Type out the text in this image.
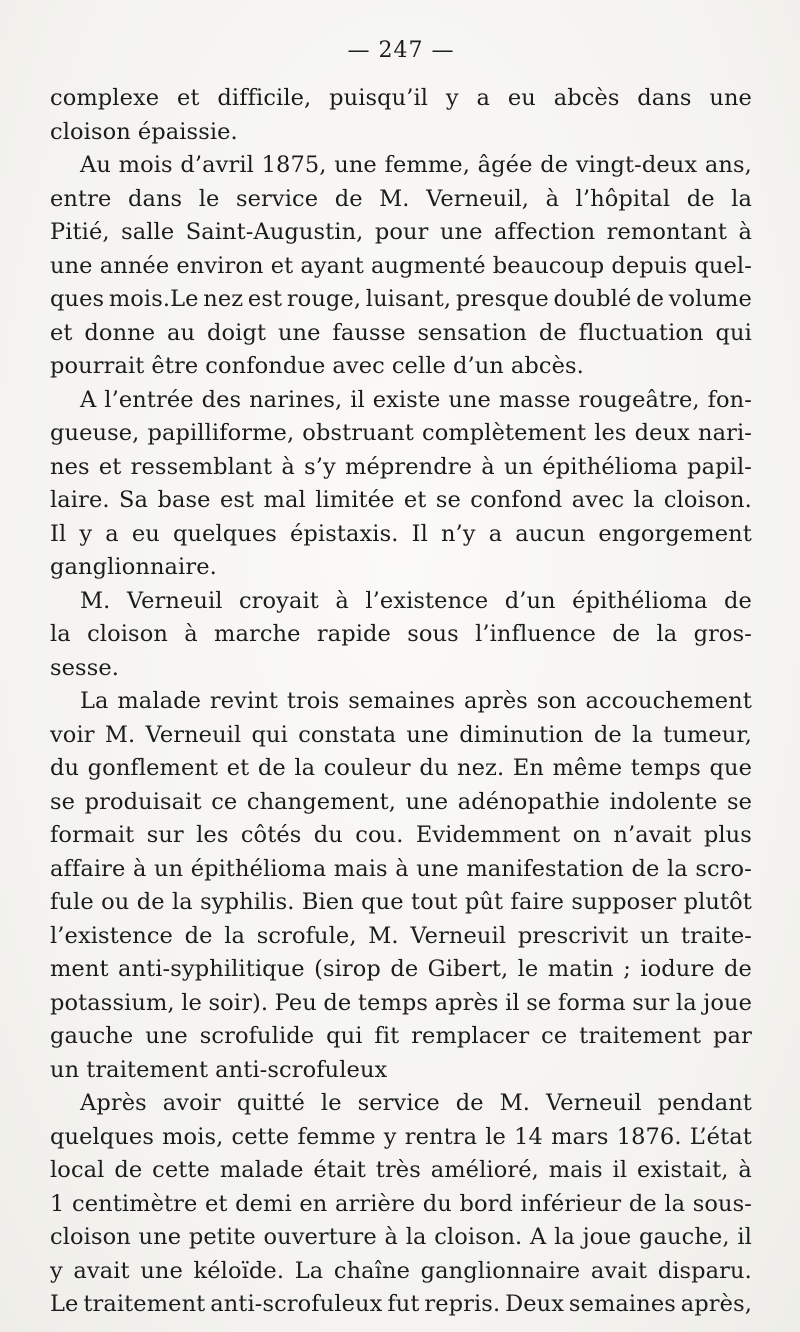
— 247 —
complexe et difficile, puisqu’il y a eu abcès dans une
cloison épaissie.
Au mois d’avril 1875, une femme, âgée de vingt-deux ans,
entre dans le service de M. Verneuil, à l’hôpital de la
Pitié, salle Saint-Augustin, pour une affection remontant à
une année environ et ayant augmenté beaucoup depuis quel-
ques mois.Le nez est rouge, luisant, presque doublé de volume
et donne au doigt une fausse sensation de fluctuation qui
pourrait être confondue avec celle d’un abcès.
A l’entrée des narines, il existe une masse rougeâtre, fon-
gueuse, papilliforme, obstruant complètement les deux nari-
nes et ressemblant à s’y méprendre à un épithélioma papil-
laire. Sa base est mal limitée et se confond avec la cloison.
Il y a eu quelques épistaxis. Il n’y a aucun engorgement
ganglionnaire.
M. Verneuil croyait à l’existence d’un épithélioma de
la cloison à marche rapide sous l’influence de la gros-
sesse.
La malade revint trois semaines après son accouchement
voir M. Verneuil qui constata une diminution de la tumeur,
du gonflement et de la couleur du nez. En même temps que
se produisait ce changement, une adénopathie indolente se
formait sur les côtés du cou. Evidemment on n’avait plus
affaire à un épithélioma mais à une manifestation de la scro-
fule ou de la syphilis. Bien que tout pût faire supposer plutôt
l’existence de la scrofule, M. Verneuil prescrivit un traite-
ment anti-syphilitique (sirop de Gibert, le matin ; iodure de
potassium, le soir). Peu de temps après il se forma sur la joue
gauche une scrofulide qui fit remplacer ce traitement par
un traitement anti-scrofuleux
Après avoir quitté le service de M. Verneuil pendant
quelques mois, cette femme y rentra le 14 mars 1876. L’état
local de cette malade était très amélioré, mais il existait, à
1 centimètre et demi en arrière du bord inférieur de la sous-
cloison une petite ouverture à la cloison. A la joue gauche, il
y avait une kéloïde. La chaîne ganglionnaire avait disparu.
Le traitement anti-scrofuleux fut repris. Deux semaines après,
